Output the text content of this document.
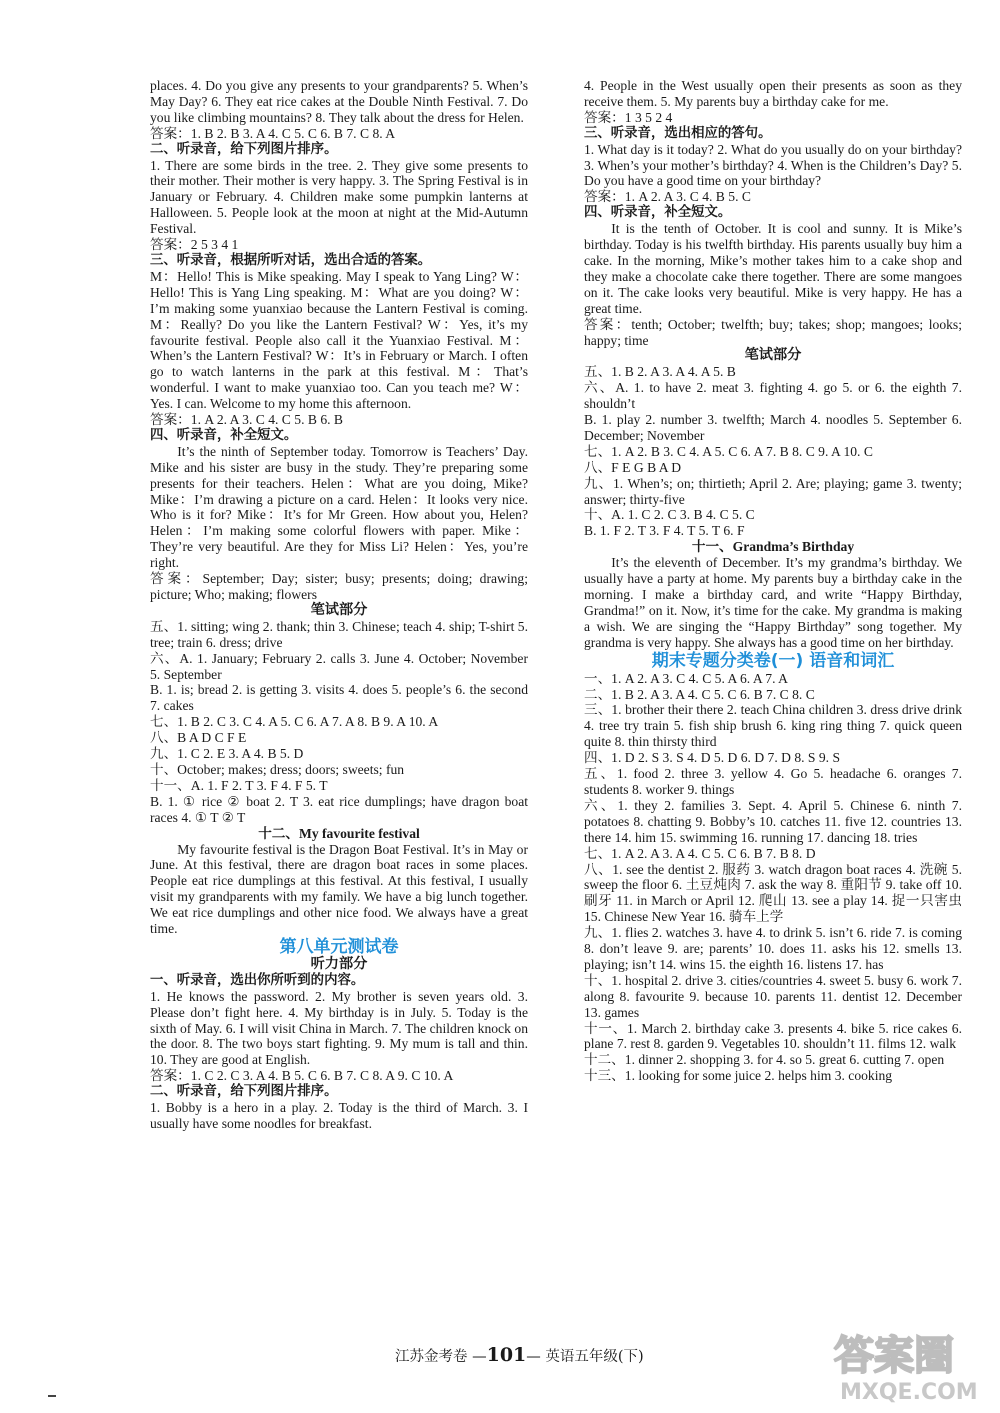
places. 4. Do you give any presents to your grandparents? 5. When’s May Day? 6. They eat rice cakes at the Double Ninth Festival. 7. Do you like climbing mountains? 8. They talk about the dress for Helen.

答案：1. B 2. B 3. A 4. C 5. C 6. B 7. C 8. A

二、听录音，给下列图片排序。

1. There are some birds in the tree. 2. They give some presents to their mother. Their mother is very happy. 3. The Spring Festival is in January or February. 4. Children make some pumpkin lanterns at Halloween. 5. People look at the moon at night at the Mid-Autumn Festival.

答案：2 5 3 4 1

三、听录音，根据所听对话，选出合适的答案。

M：Hello! This is Mike speaking. May I speak to Yang Ling? W：Hello! This is Yang Ling speaking. M：What are you doing? W：I’m making some yuanxiao because the Lantern Festival is coming. M：Really? Do you like the Lantern Festival? W：Yes, it’s my favourite festival. People also call it the Yuanxiao Festival. M：When’s the Lantern Festival? W：It’s in February or March. I often go to watch lanterns in the park at this festival. M：That’s wonderful. I want to make yuanxiao too. Can you teach me? W：Yes. I can. Welcome to my home this afternoon.

答案：1. A 2. A 3. C 4. C 5. B 6. B

四、听录音，补全短文。

It’s the ninth of September today. Tomorrow is Teachers’ Day. Mike and his sister are busy in the study. They’re preparing some presents for their teachers. Helen：What are you doing, Mike? Mike：I’m drawing a picture on a card. Helen：It looks very nice. Who is it for? Mike：It’s for Mr Green. How about you, Helen? Helen：I’m making some colorful flowers with paper. Mike：They’re very beautiful. Are they for Miss Li? Helen：Yes, you’re right.

答案：September; Day; sister; busy; presents; doing; drawing; picture; Who; making; flowers

笔试部分

五、1. sitting; wing 2. thank; thin 3. Chinese; teach 4. ship; T-shirt 5. tree; train 6. dress; drive

六、A. 1. January; February 2. calls 3. June 4. October; November 5. September

B. 1. is; bread 2. is getting 3. visits 4. does 5. people’s 6. the second 7. cakes

七、1. B 2. C 3. C 4. A 5. C 6. A 7. A 8. B 9. A 10. A

八、B A D C F E

九、1. C 2. E 3. A 4. B 5. D

十、October; makes; dress; doors; sweets; fun

十一、A. 1. F 2. T 3. F 4. F 5. T

B. 1. ① rice ② boat 2. T 3. eat rice dumplings; have dragon boat races 4. ① T ② T

十二、My favourite festival

My favourite festival is the Dragon Boat Festival. It’s in May or June. At this festival, there are dragon boat races in some places. People eat rice dumplings at this festival. At this festival, I usually visit my grandparents with my family. We have a big lunch together. We eat rice dumplings and other nice food. We always have a great time.

第八单元测试卷

听力部分

一、听录音，选出你所听到的内容。

1. He knows the password. 2. My brother is seven years old. 3. Please don’t fight here. 4. My birthday is in July. 5. Today is the sixth of May. 6. I will visit China in March. 7. The children knock on the door. 8. The two boys start fighting. 9. My mum is tall and thin. 10. They are good at English.

答案：1. C 2. C 3. A 4. B 5. C 6. B 7. C 8. A 9. C 10. A

二、听录音，给下列图片排序。

1. Bobby is a hero in a play. 2. Today is the third of March. 3. I usually have some noodles for breakfast.

4. People in the West usually open their presents as soon as they receive them. 5. My parents buy a birthday cake for me.

答案：1 3 5 2 4

三、听录音，选出相应的答句。

1. What day is it today? 2. What do you usually do on your birthday? 3. When’s your mother’s birthday? 4. When is the Children’s Day? 5. Do you have a good time on your birthday?

答案：1. A 2. A 3. C 4. B 5. C

四、听录音，补全短文。

It is the tenth of October. It is cool and sunny. It is Mike’s birthday. Today is his twelfth birthday. His parents usually buy him a cake. In the morning, Mike’s mother takes him to a cake shop and they make a chocolate cake there together. There are some mangoes on it. The cake looks very beautiful. Mike is very happy. He has a great time.

答案：tenth; October; twelfth; buy; takes; shop; mangoes; looks; happy; time

笔试部分

五、1. B 2. A 3. A 4. A 5. B

六、A. 1. to have 2. meat 3. fighting 4. go 5. or 6. the eighth 7. shouldn’t

B. 1. play 2. number 3. twelfth; March 4. noodles 5. September 6. December; November

七、1. A 2. B 3. C 4. A 5. C 6. A 7. B 8. C 9. A 10. C

八、F E G B A D

九、1. When’s; on; thirtieth; April 2. Are; playing; game 3. twenty; answer; thirty-five

十、A. 1. C 2. C 3. B 4. C 5. C

B. 1. F 2. T 3. F 4. T 5. T 6. F

十一、Grandma’s Birthday

It’s the eleventh of December. It’s my grandma’s birthday. We usually have a party at home. My parents buy a birthday cake in the morning. I make a birthday card, and write “Happy Birthday, Grandma!” on it. Now, it’s time for the cake. My grandma is making a wish. We are singing the “Happy Birthday” song together. My grandma is very happy. She always has a good time on her birthday.

期末专题分类卷(一) 语音和词汇

一、1. A 2. A 3. C 4. C 5. A 6. A 7. A

二、1. B 2. A 3. A 4. C 5. C 6. B 7. C 8. C

三、1. brother their there 2. teach China children 3. dress drive drink 4. tree try train 5. fish ship brush 6. king ring thing 7. quick queen quite 8. thin thirsty third

四、1. D 2. S 3. S 4. D 5. D 6. D 7. D 8. S 9. S

五、1. food 2. three 3. yellow 4. Go 5. headache 6. oranges 7. students 8. worker 9. things

六、1. they 2. families 3. Sept. 4. April 5. Chinese 6. ninth 7. potatoes 8. chatting 9. Bobby’s 10. catches 11. five 12. countries 13. there 14. him 15. swimming 16. running 17. dancing 18. tries

七、1. A 2. A 3. A 4. C 5. C 6. B 7. B 8. D

八、1. see the dentist 2. 服药 3. watch dragon boat races 4. 洗碗 5. sweep the floor 6. 土豆炖肉 7. ask the way 8. 重阳节 9. take off 10. 刷牙 11. in March or April 12. 爬山 13. see a play 14. 捉一只害虫 15. Chinese New Year 16. 骑车上学

九、1. flies 2. watches 3. have 4. to drink 5. isn’t 6. ride 7. is coming 8. don’t leave 9. are; parents’ 10. does 11. asks his 12. smells 13. playing; isn’t 14. wins 15. the eighth 16. listens 17. has

十、1. hospital 2. drive 3. cities/countries 4. sweet 5. busy 6. work 7. along 8. favourite 9. because 10. parents 11. dentist 12. December 13. games

十一、1. March 2. birthday cake 3. presents 4. bike 5. rice cakes 6. plane 7. rest 8. garden 9. Vegetables 10. shouldn’t 11. films 12. walk

十二、1. dinner 2. shopping 3. for 4. so 5. great 6. cutting 7. open

十三、1. looking for some juice 2. helps him 3. cooking

江苏金考卷 —101— 英语五年级(下)	答案圈
MXQE.COM
